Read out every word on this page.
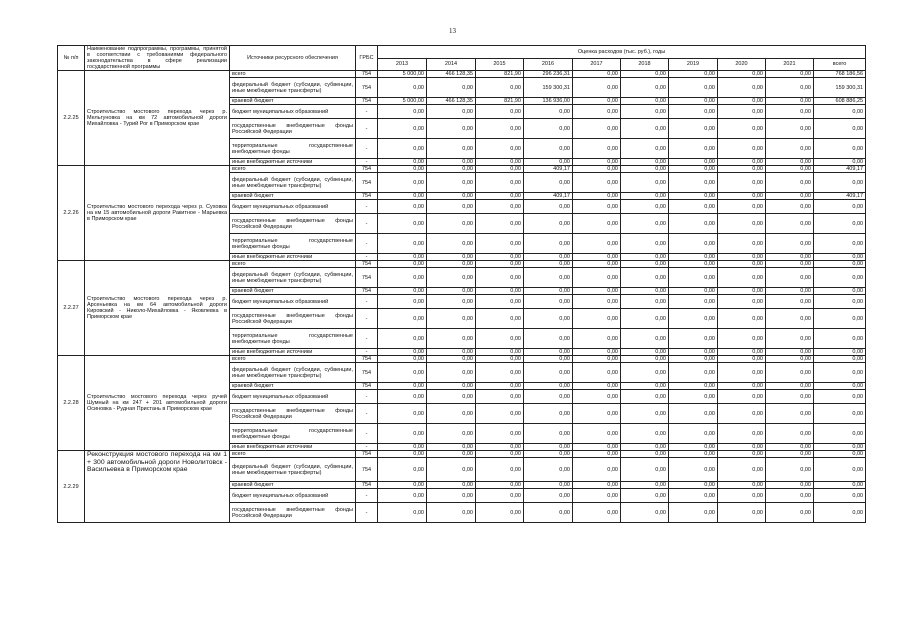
13
№ п/п	Наименование подпрограммы, программы, принятой в соответствии с требованиями федерального законодательства в сфере реализации государственной программы	Источники ресурсного обеспечения	ГРБС	Оценка расходов (тыс. руб.), годы									
				2013	2014	2015	2016	2017	2018	2019	2020	2021	всего
2.2.25	Строительство мостового перехода через р. Мельгуновка на км 72 автомобильной дороги Михайловка - Турий Рог в Приморском крае	всего	754	5 000,00	466 128,35	821,90	296 236,31	0,00	0,00	0,00	0,00	0,00	768 186,56
		федеральный бюджет (субсидии, субвенции, иные межбюджетные трансферты)	754	0,00	0,00	0,00	159 300,31	0,00	0,00	0,00	0,00	0,00	159 300,31
		краевой бюджет	754	5 000,00	466 128,35	821,90	136 936,00	0,00	0,00	0,00	0,00	0,00	608 886,25
		бюджет муниципальных образований	-	0,00	0,00	0,00	0,00	0,00	0,00	0,00	0,00	0,00	0,00
		государственные внебюджетные фонды Российской Федерации	-	0,00	0,00	0,00	0,00	0,00	0,00	0,00	0,00	0,00	0,00
		территориальные государственные внебюджетные фонды	-	0,00	0,00	0,00	0,00	0,00	0,00	0,00	0,00	0,00	0,00
		иные внебюджетные источники	-	0,00	0,00	0,00	0,00	0,00	0,00	0,00	0,00	0,00	0,00
2.2.26	Строительство мостового перехода через р. Суховка на км 15 автомобильной дороги Ракитное - Марьевка в Приморском крае	всего	754	0,00	0,00	0,00	409,17	0,00	0,00	0,00	0,00	0,00	409,17
		федеральный бюджет (субсидии, субвенции, иные межбюджетные трансферты)	754	0,00	0,00	0,00	0,00	0,00	0,00	0,00	0,00	0,00	0,00
		краевой бюджет	754	0,00	0,00	0,00	409,17	0,00	0,00	0,00	0,00	0,00	409,17
		бюджет муниципальных образований	-	0,00	0,00	0,00	0,00	0,00	0,00	0,00	0,00	0,00	0,00
		государственные внебюджетные фонды Российской Федерации	-	0,00	0,00	0,00	0,00	0,00	0,00	0,00	0,00	0,00	0,00
		территориальные государственные внебюджетные фонды	-	0,00	0,00	0,00	0,00	0,00	0,00	0,00	0,00	0,00	0,00
		иные внебюджетные источники	-	0,00	0,00	0,00	0,00	0,00	0,00	0,00	0,00	0,00	0,00
2.2.27	Строительство мостового перехода через р. Арсеньевка на км 64 автомобильной дороги Кировский - Николо-Михайловка - Яковлевка в Приморском крае	всего	754	0,00	0,00	0,00	0,00	0,00	0,00	0,00	0,00	0,00	0,00
		федеральный бюджет (субсидии, субвенции, иные межбюджетные трансферты)	754	0,00	0,00	0,00	0,00	0,00	0,00	0,00	0,00	0,00	0,00
		краевой бюджет	754	0,00	0,00	0,00	0,00	0,00	0,00	0,00	0,00	0,00	0,00
		бюджет муниципальных образований	-	0,00	0,00	0,00	0,00	0,00	0,00	0,00	0,00	0,00	0,00
		государственные внебюджетные фонды Российской Федерации	-	0,00	0,00	0,00	0,00	0,00	0,00	0,00	0,00	0,00	0,00
		территориальные государственные внебюджетные фонды	-	0,00	0,00	0,00	0,00	0,00	0,00	0,00	0,00	0,00	0,00
		иные внебюджетные источники	-	0,00	0,00	0,00	0,00	0,00	0,00	0,00	0,00	0,00	0,00
2.2.28	Строительство мостового перехода через ручей Шумный на км 247 + 201 автомобильной дороги Осиновка - Рудная Пристань в Приморском крае	всего	754	0,00	0,00	0,00	0,00	0,00	0,00	0,00	0,00	0,00	0,00
		федеральный бюджет (субсидии, субвенции, иные межбюджетные трансферты)	754	0,00	0,00	0,00	0,00	0,00	0,00	0,00	0,00	0,00	0,00
		краевой бюджет	754	0,00	0,00	0,00	0,00	0,00	0,00	0,00	0,00	0,00	0,00
		бюджет муниципальных образований	-	0,00	0,00	0,00	0,00	0,00	0,00	0,00	0,00	0,00	0,00
		государственные внебюджетные фонды Российской Федерации	-	0,00	0,00	0,00	0,00	0,00	0,00	0,00	0,00	0,00	0,00
		территориальные государственные внебюджетные фонды	-	0,00	0,00	0,00	0,00	0,00	0,00	0,00	0,00	0,00	0,00
		иные внебюджетные источники	-	0,00	0,00	0,00	0,00	0,00	0,00	0,00	0,00	0,00	0,00
2.2.29	Реконструкция мостового перехода на км 1 + 300 автомобильной дороги Новолитовск - Васильевка в Приморском крае	всего	754	0,00	0,00	0,00	0,00	0,00	0,00	0,00	0,00	0,00	0,00
		федеральный бюджет (субсидии, субвенции, иные межбюджетные трансферты)	754	0,00	0,00	0,00	0,00	0,00	0,00	0,00	0,00	0,00	0,00
		краевой бюджет	754	0,00	0,00	0,00	0,00	0,00	0,00	0,00	0,00	0,00	0,00
		бюджет муниципальных образований	-	0,00	0,00	0,00	0,00	0,00	0,00	0,00	0,00	0,00	0,00
		государственные внебюджетные фонды Российской Федерации	-	0,00	0,00	0,00	0,00	0,00	0,00	0,00	0,00	0,00	0,00
